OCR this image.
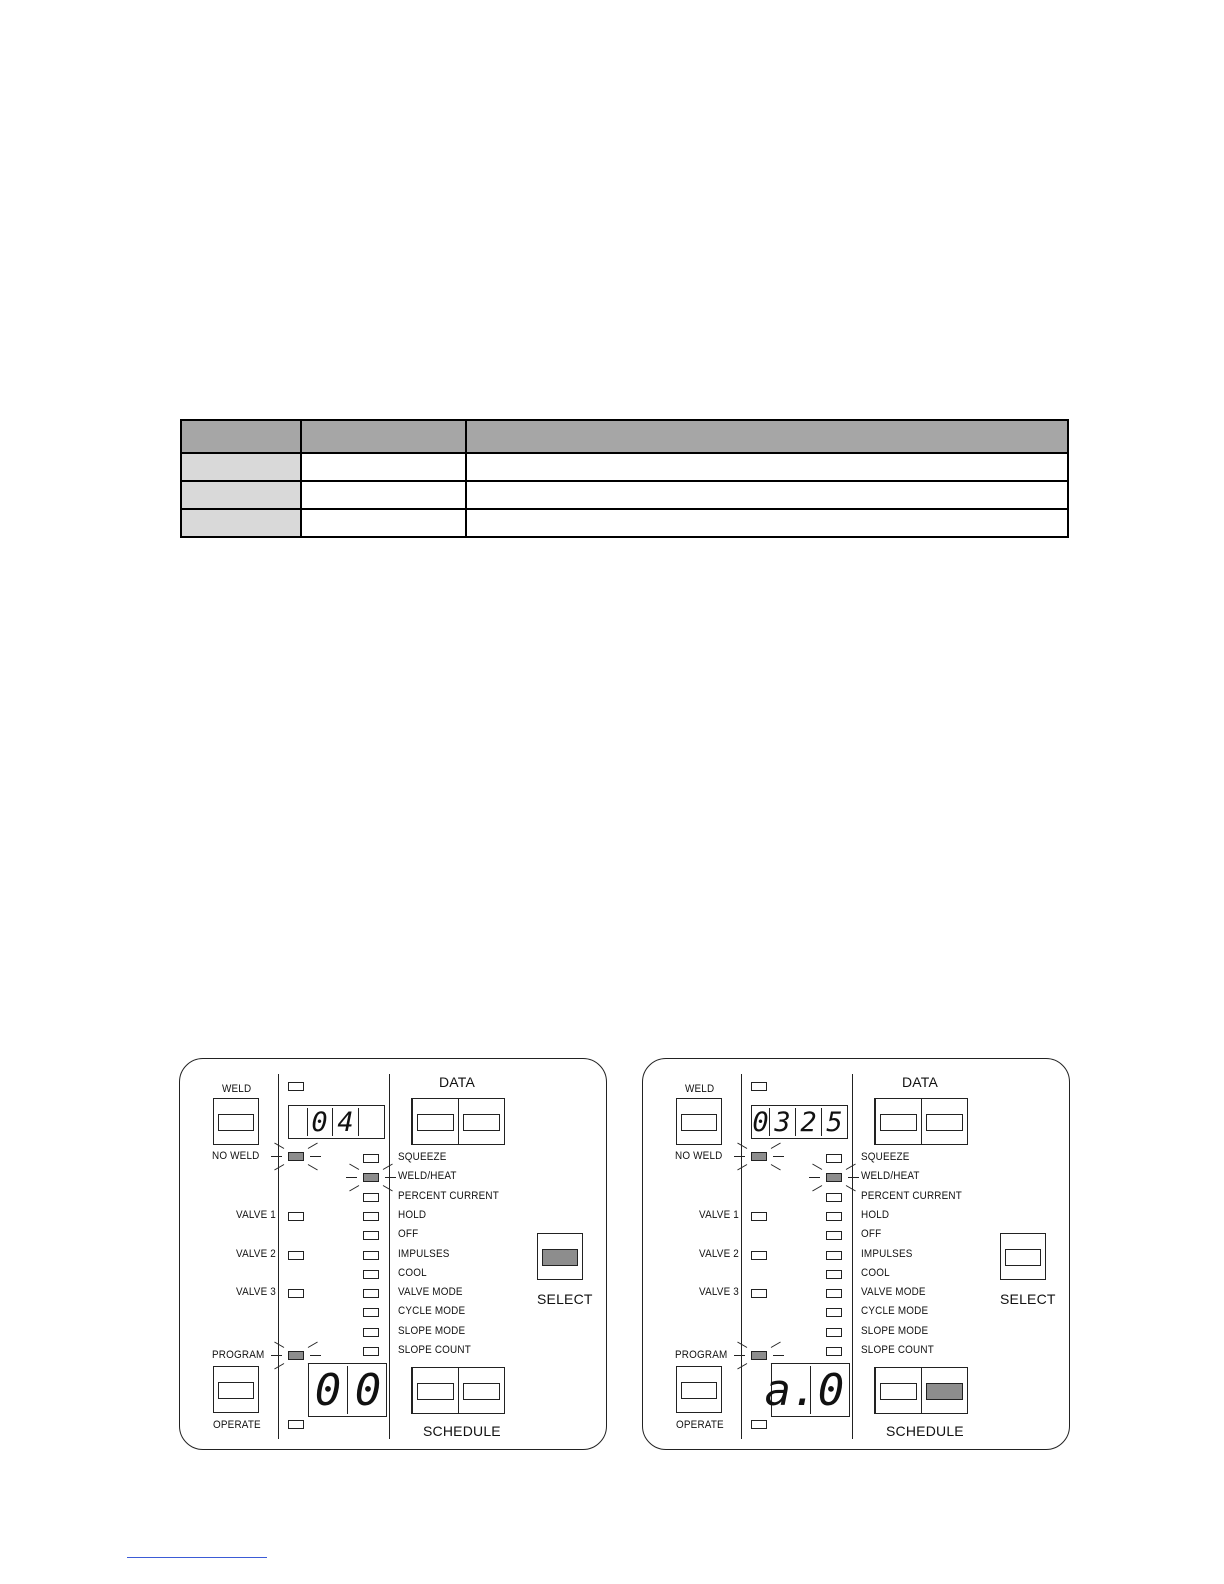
WELD
NO WELD
0 4
DATA
SQUEEZE
WELD/HEAT
PERCENT CURRENT
HOLD
OFF
IMPULSES
COOL
VALVE MODE
CYCLE MODE
SLOPE MODE
SLOPE COUNT
VALVE 1
VALVE 2
VALVE 3	SELECT
PROGRAM
OPERATE
0 0
SCHEDULE
WELD
NO WELD
0 3 2 5
DATA
SQUEEZE
WELD/HEAT
PERCENT CURRENT
HOLD
OFF
IMPULSES
COOL
VALVE MODE
CYCLE MODE
SLOPE MODE
SLOPE COUNT
VALVE 1
VALVE 2
VALVE 3	SELECT
PROGRAM
OPERATE
a. 0
SCHEDULE
